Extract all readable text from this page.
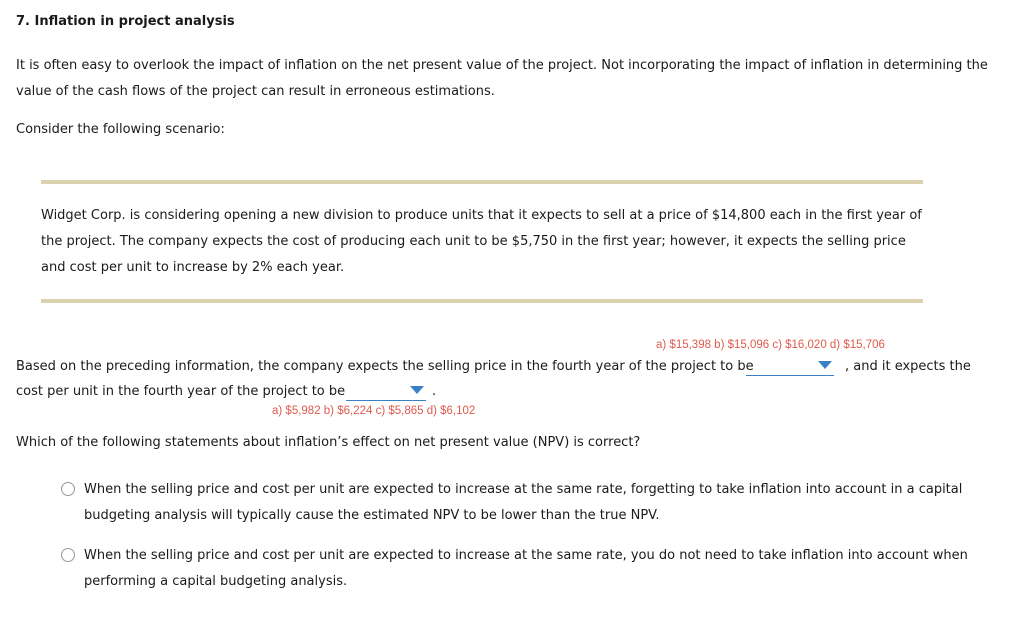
7. Inflation in project analysis
It is often easy to overlook the impact of inflation on the net present value of the project. Not incorporating the impact of inflation in determining the value of the cash flows of the project can result in erroneous estimations.
Consider the following scenario:
Widget Corp. is considering opening a new division to produce units that it expects to sell at a price of $14,800 each in the first year of the project. The company expects the cost of producing each unit to be $5,750 in the first year; however, it expects the selling price and cost per unit to increase by 2% each year.
a) $15,398 b) $15,096 c) $16,020 d) $15,706
Based on the preceding information, the company expects the selling price in the fourth year of the project to be	, and it expects the
cost per unit in the fourth year of the project to be	.
a) $5,982 b) $6,224 c) $5,865 d) $6,102
Which of the following statements about inflation’s effect on net present value (NPV) is correct?
When the selling price and cost per unit are expected to increase at the same rate, forgetting to take inflation into account in a capital budgeting analysis will typically cause the estimated NPV to be lower than the true NPV.
When the selling price and cost per unit are expected to increase at the same rate, you do not need to take inflation into account when performing a capital budgeting analysis.
